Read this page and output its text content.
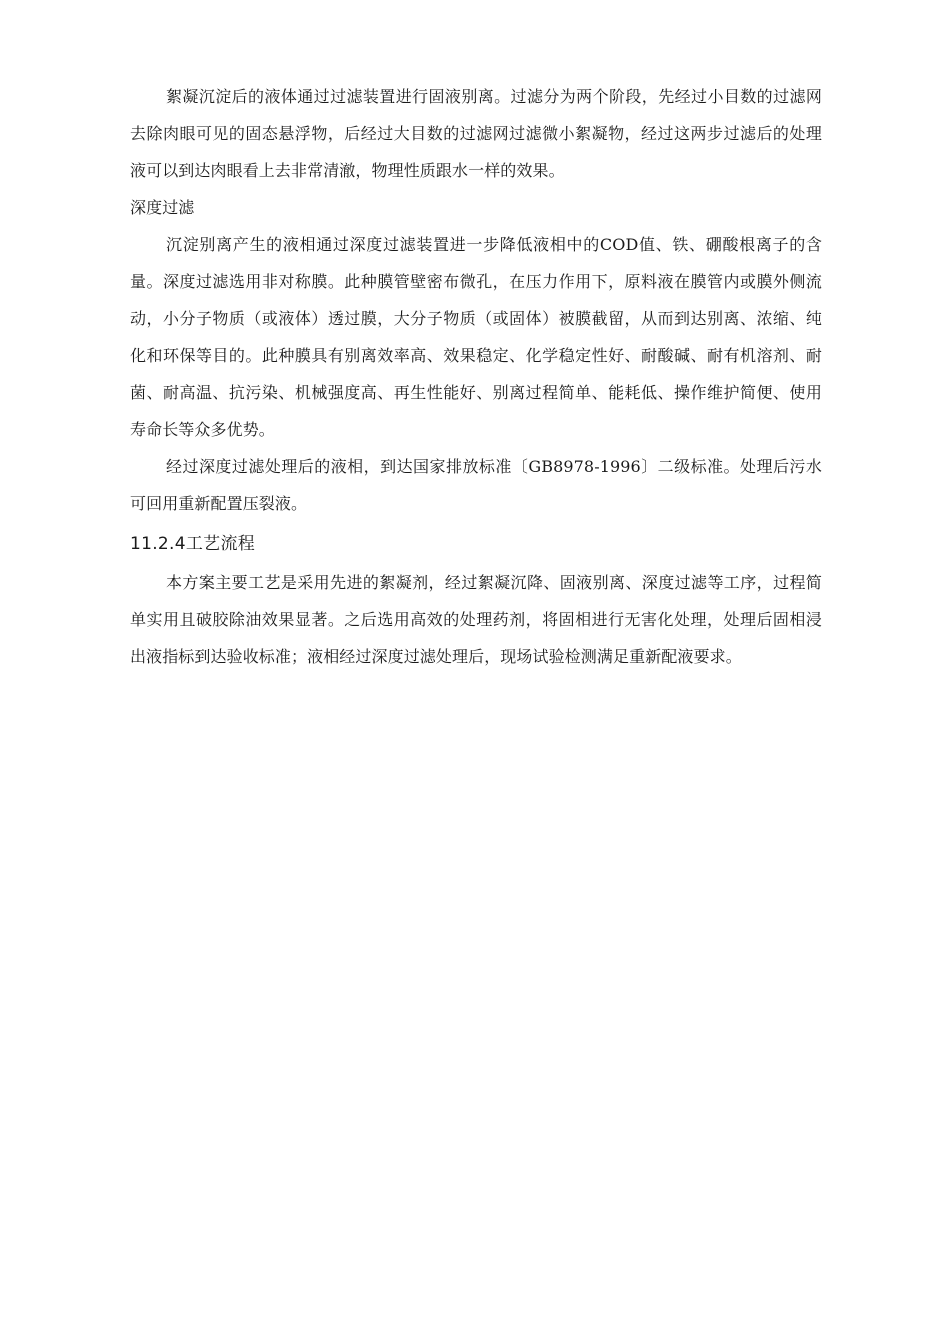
絮凝沉淀后的液体通过过滤装置进行固液别离。过滤分为两个阶段，先经过小目数的过滤网去除肉眼可见的固态悬浮物，后经过大目数的过滤网过滤微小絮凝物，经过这两步过滤后的处理液可以到达肉眼看上去非常清澈，物理性质跟水一样的效果。

深度过滤

沉淀别离产生的液相通过深度过滤装置进一步降低液相中的COD值、铁、硼酸根离子的含量。深度过滤选用非对称膜。此种膜管壁密布微孔，在压力作用下，原料液在膜管内或膜外侧流动，小分子物质（或液体）透过膜，大分子物质（或固体）被膜截留，从而到达别离、浓缩、纯化和环保等目的。此种膜具有别离效率高、效果稳定、化学稳定性好、耐酸碱、耐有机溶剂、耐菌、耐高温、抗污染、机械强度高、再生性能好、别离过程简单、能耗低、操作维护简便、使用寿命长等众多优势。

经过深度过滤处理后的液相，到达国家排放标准〔GB8978-1996〕二级标准。处理后污水可回用重新配置压裂液。

11.2.4工艺流程

本方案主要工艺是采用先进的絮凝剂，经过絮凝沉降、固液别离、深度过滤等工序，过程简单实用且破胶除油效果显著。之后选用高效的处理药剂，将固相进行无害化处理，处理后固相浸出液指标到达验收标准；液相经过深度过滤处理后，现场试验检测满足重新配液要求。
